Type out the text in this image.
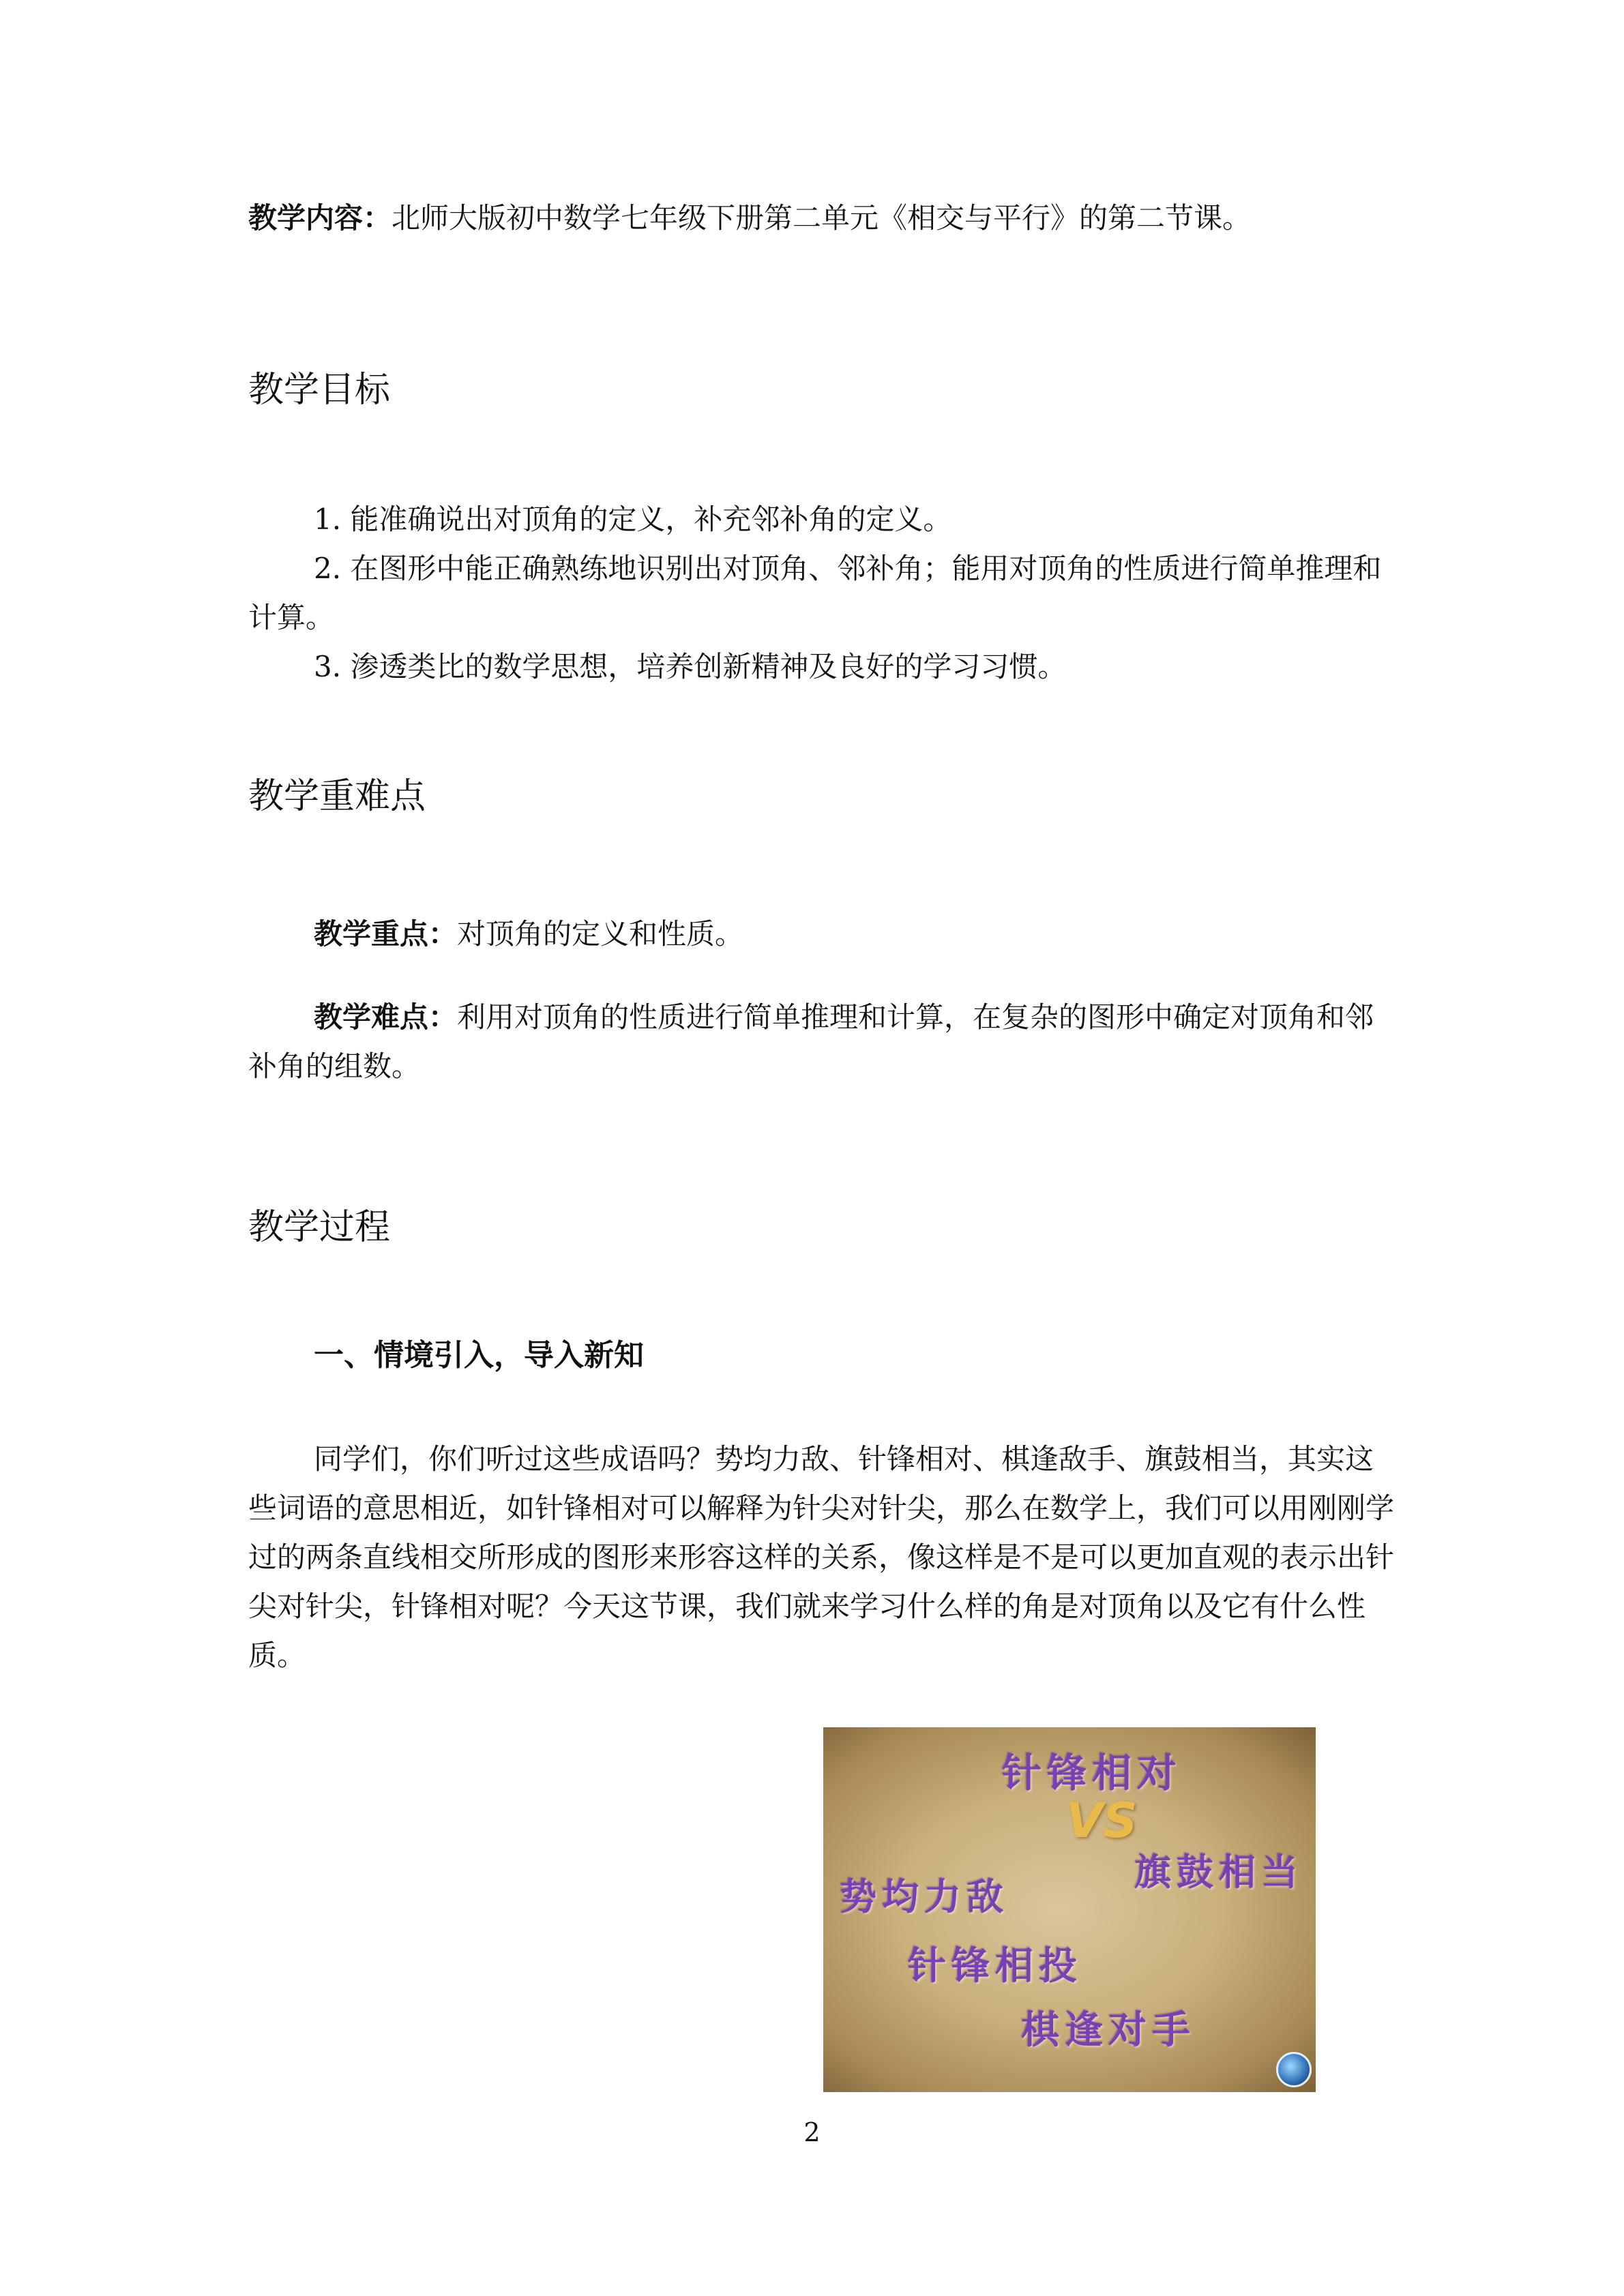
教学内容：北师大版初中数学七年级下册第二单元《相交与平行》的第二节课。
教学目标

1. 能准确说出对顶角的定义，补充邻补角的定义。

2. 在图形中能正确熟练地识别出对顶角、邻补角；能用对顶角的性质进行简单推理和计算。

3. 渗透类比的数学思想，培养创新精神及良好的学习习惯。

教学重难点
教学重点：对顶角的定义和性质。
教学难点：利用对顶角的性质进行简单推理和计算，在复杂的图形中确定对顶角和邻补角的组数。
教学过程
一、情境引入，导入新知
同学们，你们听过这些成语吗？势均力敌、针锋相对、棋逢敌手、旗鼓相当，其实这些词语的意思相近，如针锋相对可以解释为针尖对针尖，那么在数学上，我们可以用刚刚学过的两条直线相交所形成的图形来形容这样的关系，像这样是不是可以更加直观的表示出针尖对针尖，针锋相对呢？今天这节课，我们就来学习什么样的角是对顶角以及它有什么性质。
针锋相对
VS
旗鼓相当
势均力敌
针锋相投
棋逢对手
2
